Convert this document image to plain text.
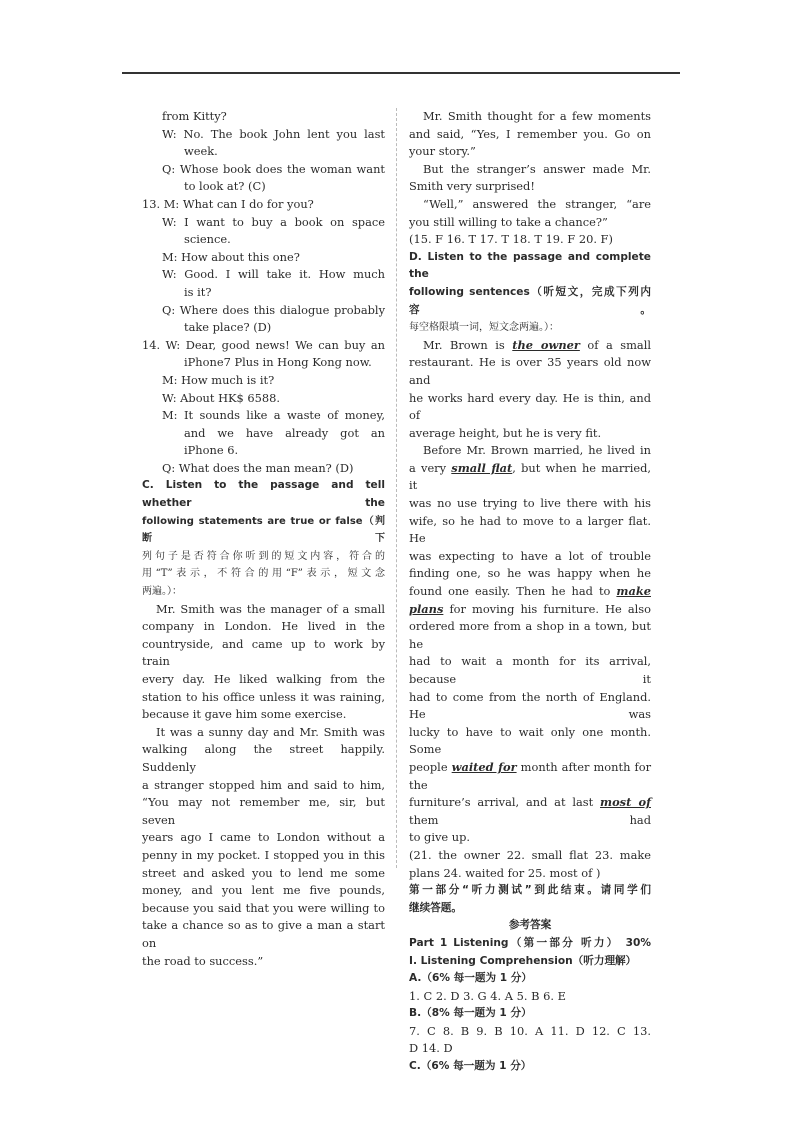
from Kitty?
W: No. The book John lent you last
week.
Q: Whose book does the woman want
to look at? (C)
13. M: What can I do for you?
W: I want to buy a book on space
science.
M: How about this one?
W: Good. I will take it. How much
is it?
Q: Where does this dialogue probably
take place? (D)
14. W: Dear, good news! We can buy an
iPhone7 Plus in Hong Kong now.
M: How much is it?
W: About HK$ 6588.
M: It sounds like a waste of money,
and we have already got an
iPhone 6.
Q: What does the man mean? (D)
C. Listen to the passage and tell whether the
following statements are true or false（判断下
列句子是否符合你听到的短文内容，符合的
用“T”表示，不符合的用“F”表示，短文念
两遍。）：
Mr. Smith was the manager of a small
company in London. He lived in the
countryside, and came up to work by train
every day. He liked walking from the
station to his office unless it was raining,
because it gave him some exercise.
It was a sunny day and Mr. Smith was
walking along the street happily. Suddenly
a stranger stopped him and said to him,
“You may not remember me, sir, but seven
years ago I came to London without a
penny in my pocket. I stopped you in this
street and asked you to lend me some
money, and you lent me five pounds,
because you said that you were willing to
take a chance so as to give a man a start on
the road to success.”
Mr. Smith thought for a few moments
and said, “Yes, I remember you. Go on
your story.”
But the stranger’s answer made Mr.
Smith very surprised!
“Well,” answered the stranger, “are
you still willing to take a chance?”
(15. F 16. T 17. T 18. T 19. F 20. F)
D. Listen to the passage and complete the
following sentences（听短文，完成下列内容。
每空格限填一词，短文念两遍。）：
Mr. Brown is the owner of a small
restaurant. He is over 35 years old now and
he works hard every day. He is thin, and of
average height, but he is very fit.
Before Mr. Brown married, he lived in
a very small flat, but when he married, it
was no use trying to live there with his
wife, so he had to move to a larger flat. He
was expecting to have a lot of trouble
finding one, so he was happy when he
found one easily. Then he had to make
plans for moving his furniture. He also
ordered more from a shop in a town, but he
had to wait a month for its arrival, because it
had to come from the north of England. He was
lucky to have to wait only one month. Some
people waited for month after month for the
furniture’s arrival, and at last most of them had
to give up.
(21. the owner 22. small flat 23. make
plans 24. waited for 25. most of )
第一部分“听力测试”到此结束。请同学们
继续答题。
参考答案
Part 1 Listening（第一部分 听力） 30%
Ⅰ. Listening Comprehension（听力理解）
A.（6% 每一题为 1 分）
1. C 2. D 3. G 4. A 5. B 6. E
B.（8% 每一题为 1 分）
7. C 8. B 9. B 10. A 11. D 12. C 13.
D 14. D
C.（6% 每一题为 1 分）
